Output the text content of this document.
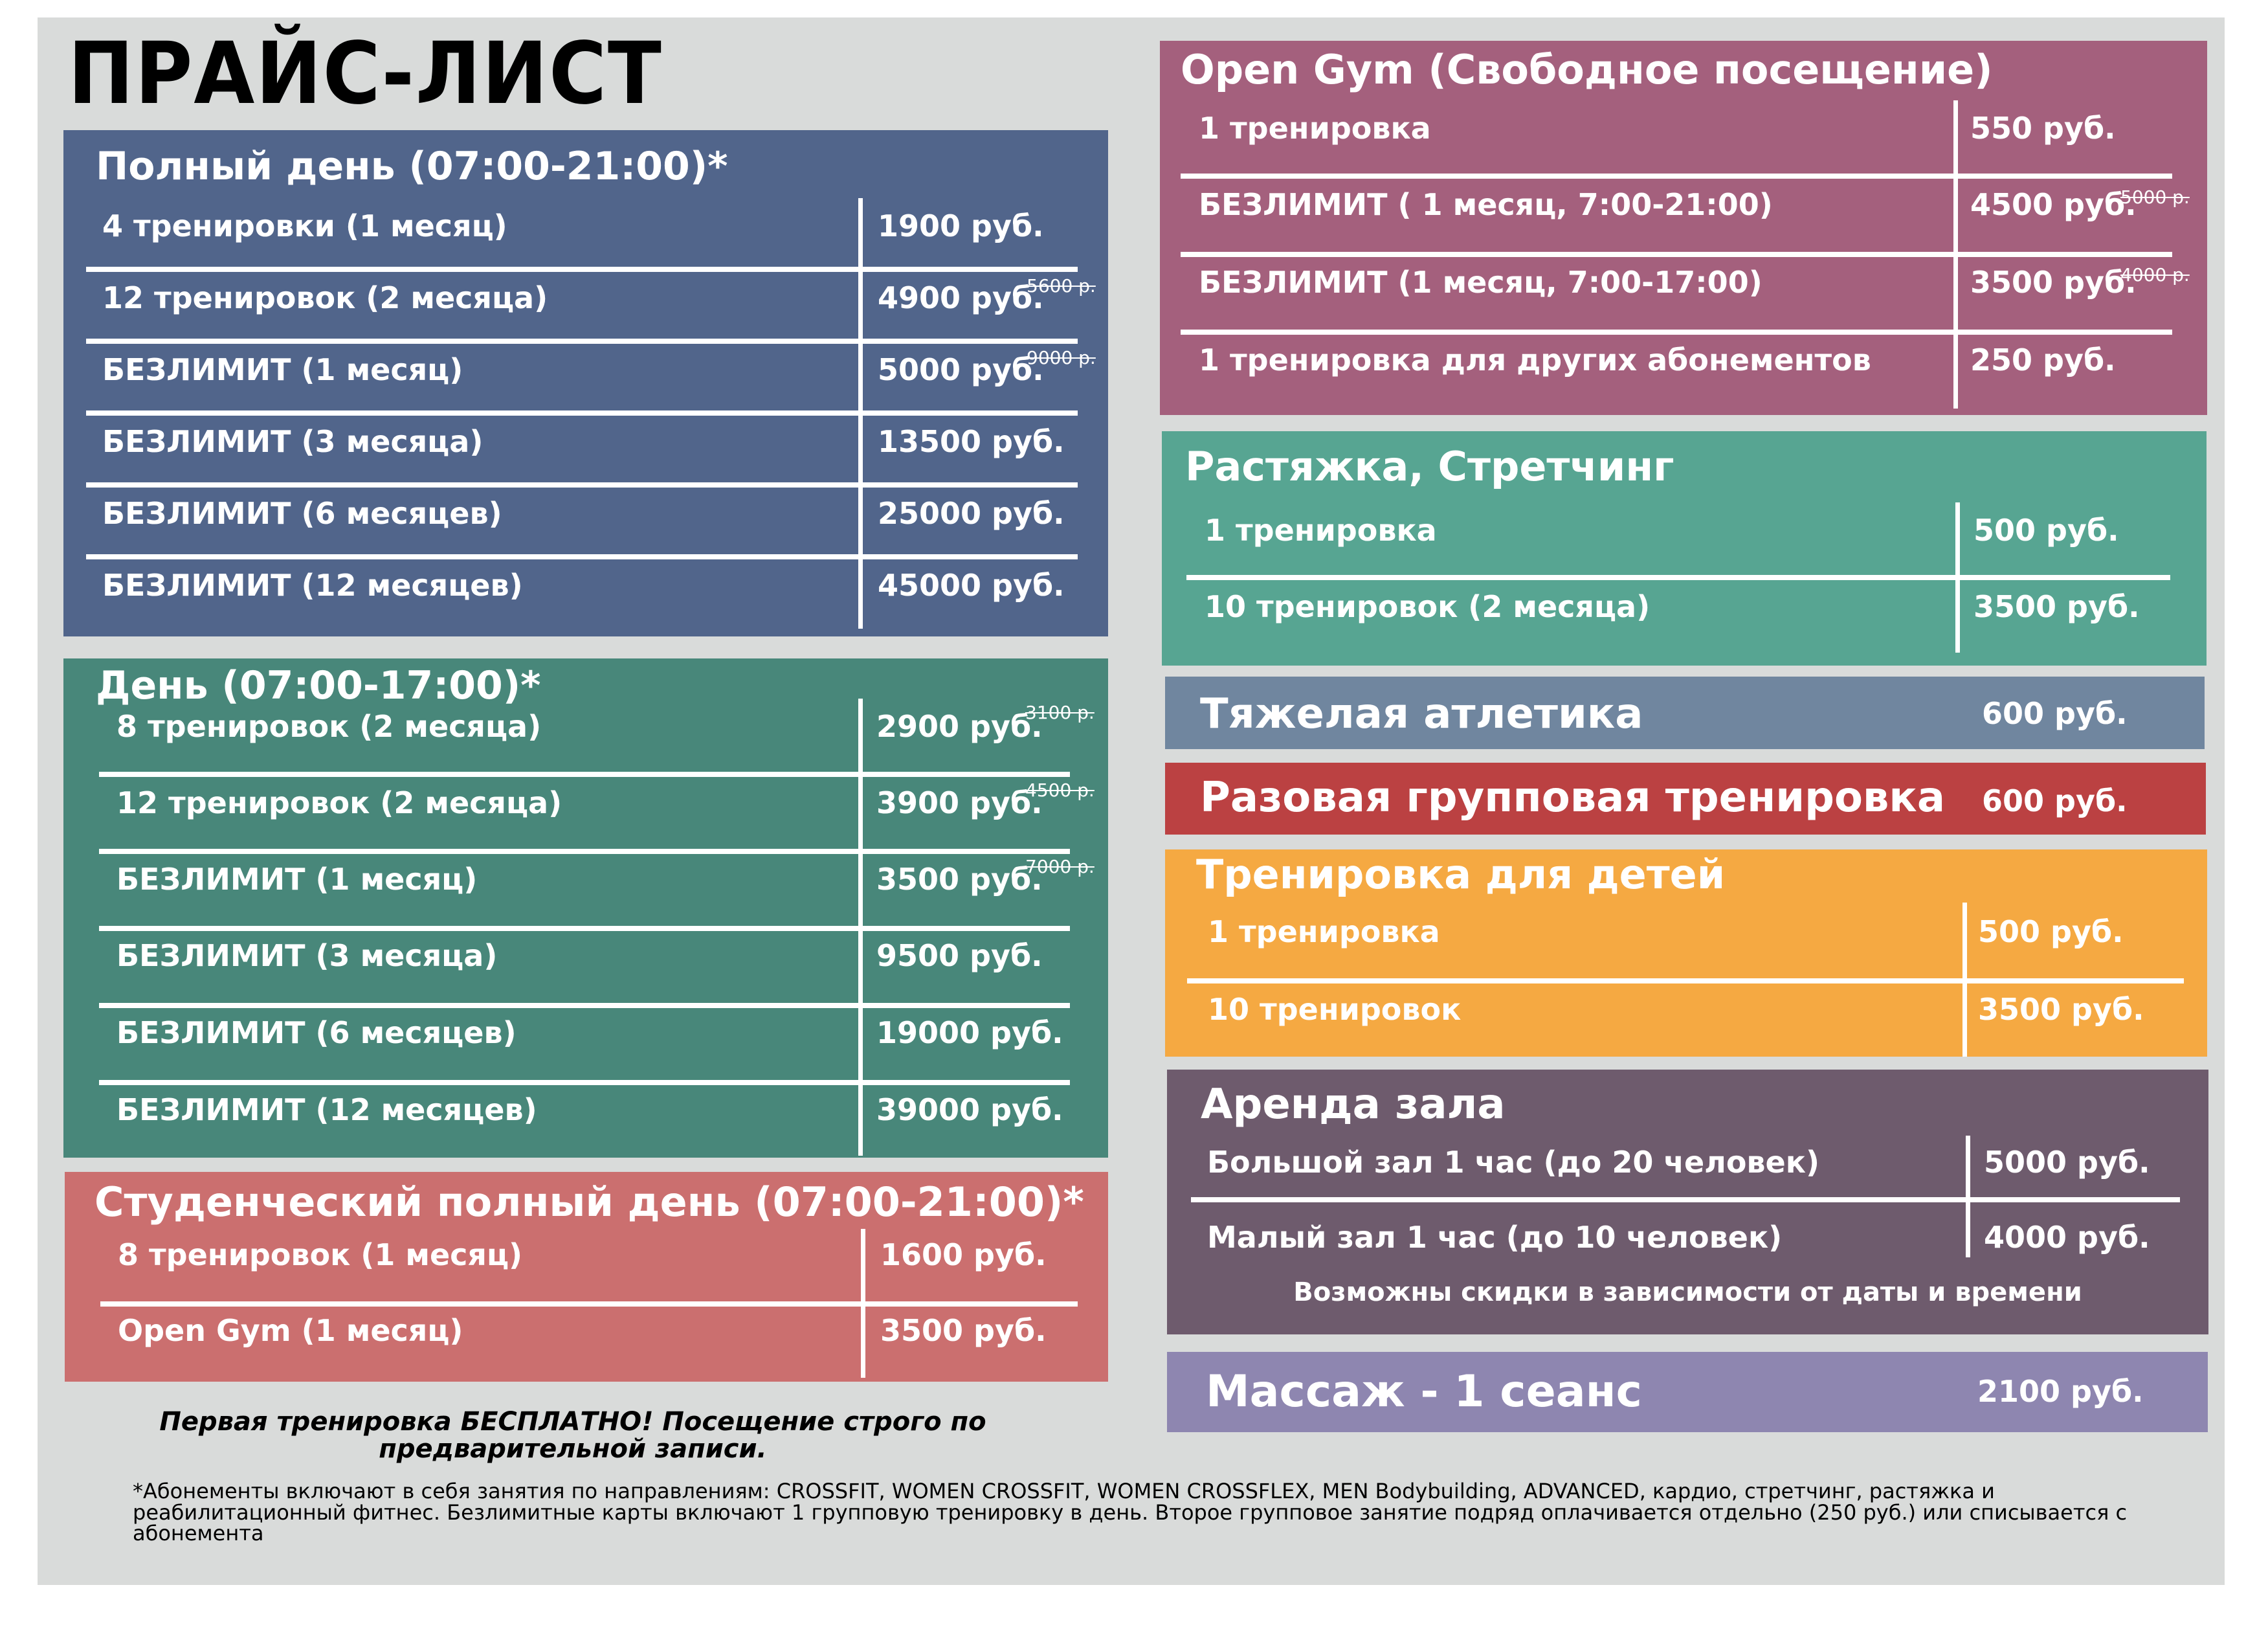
ПРАЙС-ЛИСТ
Полный день (07:00-21:00)*
4 тренировки (1 месяц)	1900 руб.
12 тренировок (2 месяца)	4900 руб.
5600 р.
БЕЗЛИМИТ (1 месяц)	5000 руб.
9000 р.
БЕЗЛИМИТ (3 месяца)	13500 руб.
БЕЗЛИМИТ (6 месяцев)	25000 руб.
БЕЗЛИМИТ (12 месяцев)	45000 руб.
День (07:00-17:00)*
8 тренировок (2 месяца)	2900 руб.
3100 р.
12 тренировок (2 месяца)	3900 руб.
4500 р.
БЕЗЛИМИТ (1 месяц)	3500 руб.
7000 р.
БЕЗЛИМИТ (3 месяца)	9500 руб.
БЕЗЛИМИТ (6 месяцев)	19000 руб.
БЕЗЛИМИТ (12 месяцев)	39000 руб.
Студенческий полный день (07:00-21:00)*
8 тренировок (1 месяц)	1600 руб.
Open Gym (1 месяц)	3500 руб.
Первая тренировка БЕСПЛАТНО! Посещение строго по предварительной записи.
*Абонементы включают в себя занятия по направлениям: CROSSFIT, WOMEN CROSSFIT, WOMEN CROSSFLEX, MEN Bodybuilding, ADVANCED, кардио, стретчинг, растяжка и реабилитационный фитнес. Безлимитные карты включают 1 групповую тренировку в день. Второе групповое занятие подряд оплачивается отдельно (250 руб.) или списывается с абонемента
Open Gym (Свободное посещение)
1 тренировка	550 руб.
БЕЗЛИМИТ ( 1 месяц, 7:00-21:00)	4500 руб.
5000 р.
БЕЗЛИМИТ (1 месяц, 7:00-17:00)	3500 руб.
4000 р.
1 тренировка для других абонементов	250 руб.
Растяжка, Стретчинг
1 тренировка	500 руб.
10 тренировок (2 месяца)	3500 руб.
Тяжелая атлетика	600 руб.
Разовая групповая тренировка 600 руб.
Тренировка для детей
1 тренировка	500 руб.
10 тренировок	3500 руб.
Аренда зала
Большой зал 1 час (до 20 человек)	5000 руб.
Малый зал 1 час (до 10 человек)	4000 руб.
Возможны скидки в зависимости от даты и времени
Массаж - 1 сеанс	2100 руб.
